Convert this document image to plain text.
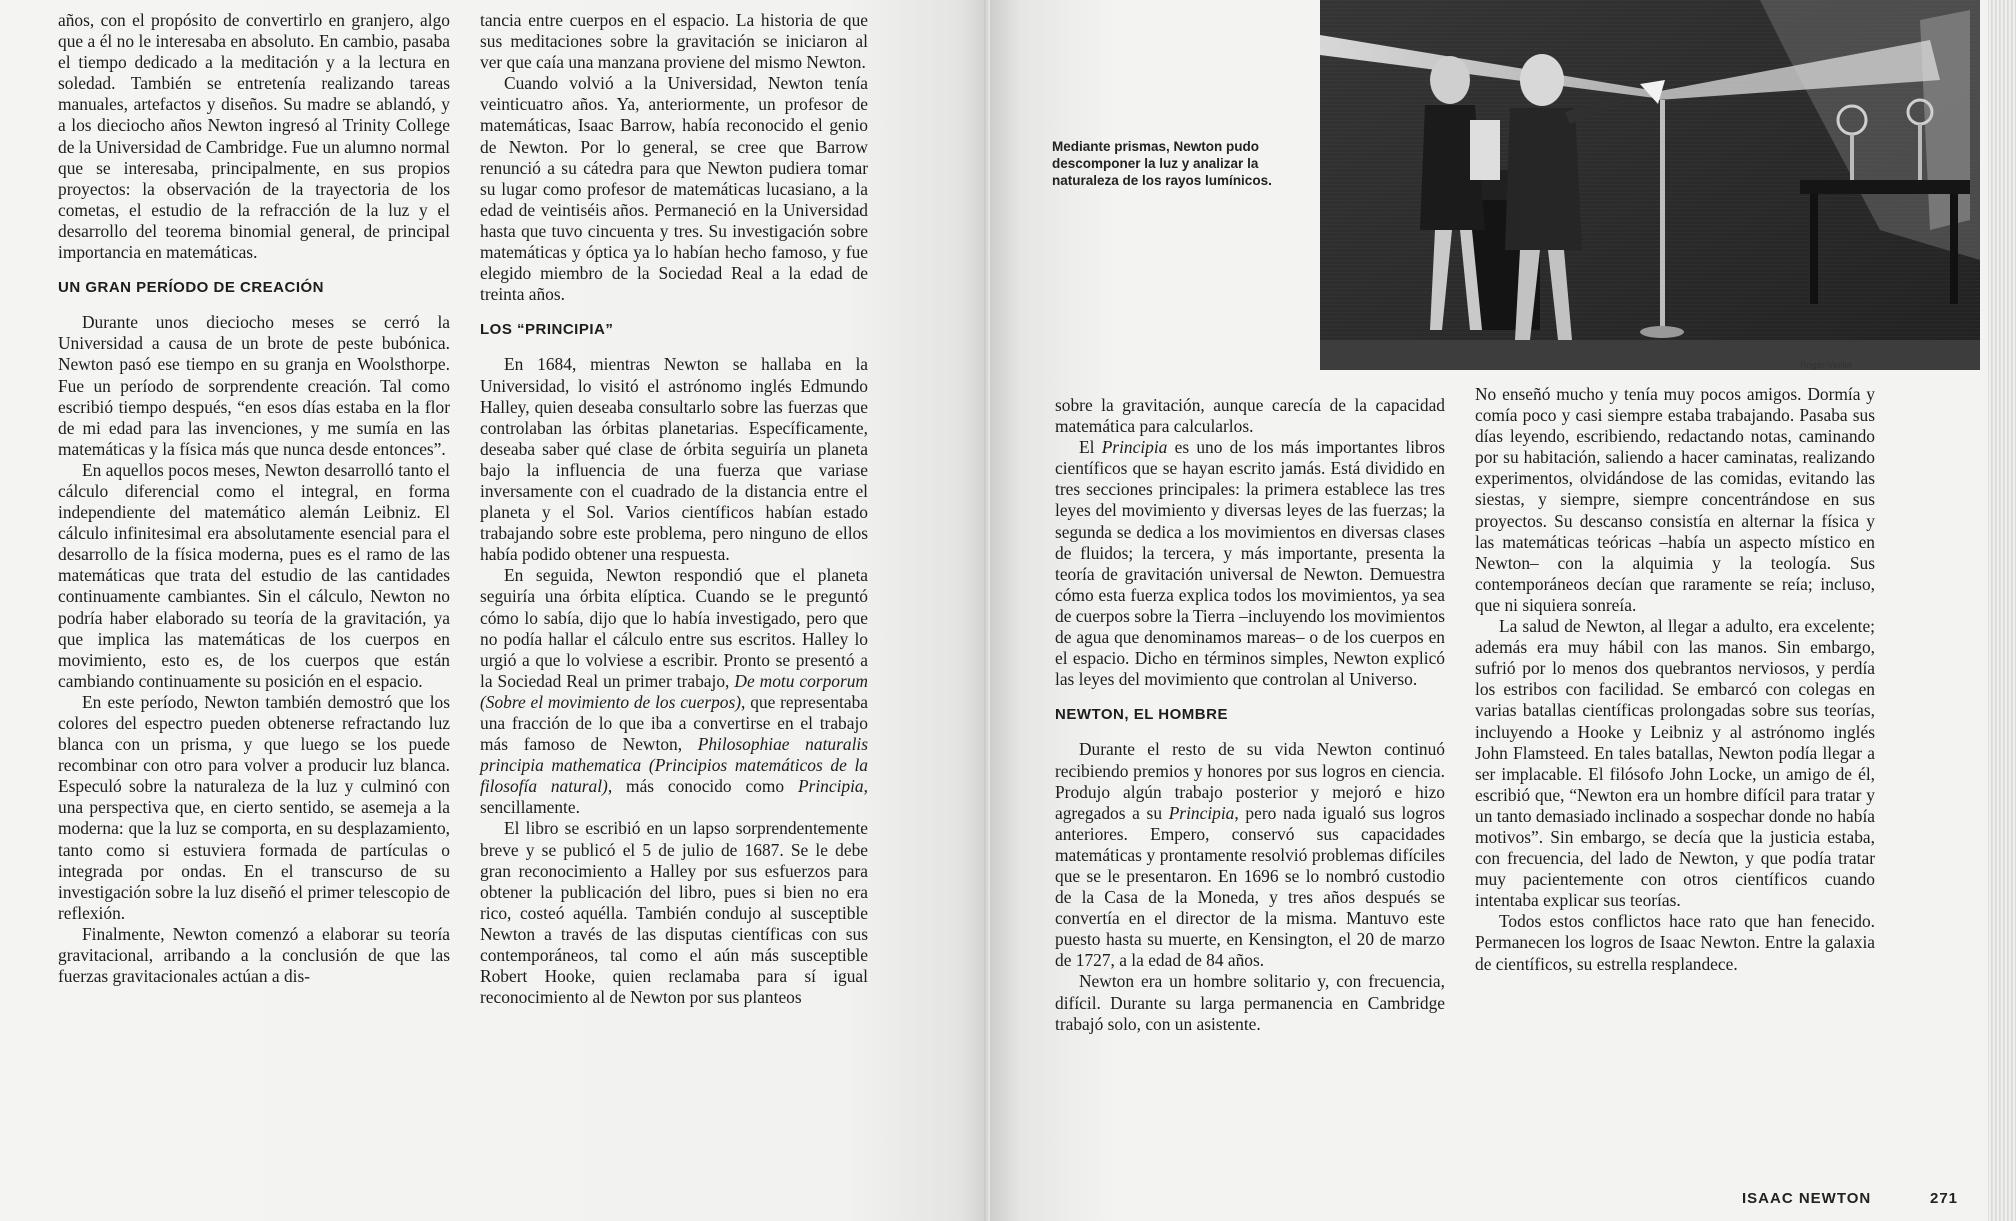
años, con el propósito de convertirlo en granjero, algo que a él no le interesaba en absoluto. En cambio, pasaba el tiempo dedicado a la meditación y a la lectura en soledad. También se entretenía realizando tareas manuales, artefactos y diseños. Su madre se ablandó, y a los dieciocho años Newton ingresó al Trinity College de la Universidad de Cambridge. Fue un alumno normal que se interesaba, principalmente, en sus propios proyectos: la observación de la trayectoria de los cometas, el estudio de la refracción de la luz y el desarrollo del teorema binomial general, de principal importancia en matemáticas.

UN GRAN PERÍODO DE CREACIÓN

Durante unos dieciocho meses se cerró la Universidad a causa de un brote de peste bubónica. Newton pasó ese tiempo en su granja en Woolsthorpe. Fue un período de sorprendente creación. Tal como escribió tiempo después, “en esos días estaba en la flor de mi edad para las invenciones, y me sumía en las matemáticas y la física más que nunca desde entonces”.

En aquellos pocos meses, Newton desarrolló tanto el cálculo diferencial como el integral, en forma independiente del matemático alemán Leibniz. El cálculo infinitesimal era absolutamente esencial para el desarrollo de la física moderna, pues es el ramo de las matemáticas que trata del estudio de las cantidades continuamente cambiantes. Sin el cálculo, Newton no podría haber elaborado su teoría de la gravitación, ya que implica las matemáticas de los cuerpos en movimiento, esto es, de los cuerpos que están cambiando continuamente su posición en el espacio.

En este período, Newton también demostró que los colores del espectro pueden obtenerse refractando luz blanca con un prisma, y que luego se los puede recombinar con otro para volver a producir luz blanca. Especuló sobre la naturaleza de la luz y culminó con una perspectiva que, en cierto sentido, se asemeja a la moderna: que la luz se comporta, en su desplazamiento, tanto como si estuviera formada de partículas o integrada por ondas. En el transcurso de su investigación sobre la luz diseñó el primer telescopio de reflexión.

Finalmente, Newton comenzó a elaborar su teoría gravitacional, arribando a la conclusión de que las fuerzas gravitacionales actúan a dis-

tancia entre cuerpos en el espacio. La historia de que sus meditaciones sobre la gravitación se iniciaron al ver que caía una manzana proviene del mismo Newton.

Cuando volvió a la Universidad, Newton tenía veinticuatro años. Ya, anteriormente, un profesor de matemáticas, Isaac Barrow, había reconocido el genio de Newton. Por lo general, se cree que Barrow renunció a su cátedra para que Newton pudiera tomar su lugar como profesor de matemáticas lucasiano, a la edad de veintiséis años. Permaneció en la Universidad hasta que tuvo cincuenta y tres. Su investigación sobre matemáticas y óptica ya lo habían hecho famoso, y fue elegido miembro de la Sociedad Real a la edad de treinta años.

LOS “PRINCIPIA”

En 1684, mientras Newton se hallaba en la Universidad, lo visitó el astrónomo inglés Edmundo Halley, quien deseaba consultarlo sobre las fuerzas que controlaban las órbitas planetarias. Específicamente, deseaba saber qué clase de órbita seguiría un planeta bajo la influencia de una fuerza que variase inversamente con el cuadrado de la distancia entre el planeta y el Sol. Varios científicos habían estado trabajando sobre este problema, pero ninguno de ellos había podido obtener una respuesta.

En seguida, Newton respondió que el planeta seguiría una órbita elíptica. Cuando se le preguntó cómo lo sabía, dijo que lo había investigado, pero que no podía hallar el cálculo entre sus escritos. Halley lo urgió a que lo volviese a escribir. Pronto se presentó a la Sociedad Real un primer trabajo, De motu corporum (Sobre el movimiento de los cuerpos), que representaba una fracción de lo que iba a convertirse en el trabajo más famoso de Newton, Philosophiae naturalis principia mathematica (Principios matemáticos de la filosofía natural), más conocido como Principia, sencillamente.

El libro se escribió en un lapso sorprendentemente breve y se publicó el 5 de julio de 1687. Se le debe gran reconocimiento a Halley por sus esfuerzos para obtener la publicación del libro, pues si bien no era rico, costeó aquélla. También condujo al susceptible Newton a través de las disputas científicas con sus contemporáneos, tal como el aún más susceptible Robert Hooke, quien reclamaba para sí igual reconocimiento al de Newton por sus planteos

Roger-Viollet
Mediante prismas, Newton pudo descomponer la luz y analizar la naturaleza de los rayos lumínicos.

sobre la gravitación, aunque carecía de la capacidad matemática para calcularlos.

El Principia es uno de los más importantes libros científicos que se hayan escrito jamás. Está dividido en tres secciones principales: la primera establece las tres leyes del movimiento y diversas leyes de las fuerzas; la segunda se dedica a los movimientos en diversas clases de fluidos; la tercera, y más importante, presenta la teoría de gravitación universal de Newton. Demuestra cómo esta fuerza explica todos los movimientos, ya sea de cuerpos sobre la Tierra –incluyendo los movimientos de agua que denominamos mareas– o de los cuerpos en el espacio. Dicho en términos simples, Newton explicó las leyes del movimiento que controlan al Universo.

NEWTON, EL HOMBRE

Durante el resto de su vida Newton continuó recibiendo premios y honores por sus logros en ciencia. Produjo algún trabajo posterior y mejoró e hizo agregados a su Principia, pero nada igualó sus logros anteriores. Empero, conservó sus capacidades matemáticas y prontamente resolvió problemas difíciles que se le presentaron. En 1696 se lo nombró custodio de la Casa de la Moneda, y tres años después se convertía en el director de la misma. Mantuvo este puesto hasta su muerte, en Kensington, el 20 de marzo de 1727, a la edad de 84 años.

Newton era un hombre solitario y, con frecuencia, difícil. Durante su larga permanencia en Cambridge trabajó solo, con un asistente.

No enseñó mucho y tenía muy pocos amigos. Dormía y comía poco y casi siempre estaba trabajando. Pasaba sus días leyendo, escribiendo, redactando notas, caminando por su habitación, saliendo a hacer caminatas, realizando experimentos, olvidándose de las comidas, evitando las siestas, y siempre, siempre concentrándose en sus proyectos. Su descanso consistía en alternar la física y las matemáticas teóricas –había un aspecto místico en Newton– con la alquimia y la teología. Sus contemporáneos decían que raramente se reía; incluso, que ni siquiera sonreía.

La salud de Newton, al llegar a adulto, era excelente; además era muy hábil con las manos. Sin embargo, sufrió por lo menos dos quebrantos nerviosos, y perdía los estribos con facilidad. Se embarcó con colegas en varias batallas científicas prolongadas sobre sus teorías, incluyendo a Hooke y Leibniz y al astrónomo inglés John Flamsteed. En tales batallas, Newton podía llegar a ser implacable. El filósofo John Locke, un amigo de él, escribió que, “Newton era un hombre difícil para tratar y un tanto demasiado inclinado a sospechar donde no había motivos”. Sin embargo, se decía que la justicia estaba, con frecuencia, del lado de Newton, y que podía tratar muy pacientemente con otros científicos cuando intentaba explicar sus teorías.

Todos estos conflictos hace rato que han fenecido. Permanecen los logros de Isaac Newton. Entre la galaxia de científicos, su estrella resplandece.

ISAAC NEWTON	271
